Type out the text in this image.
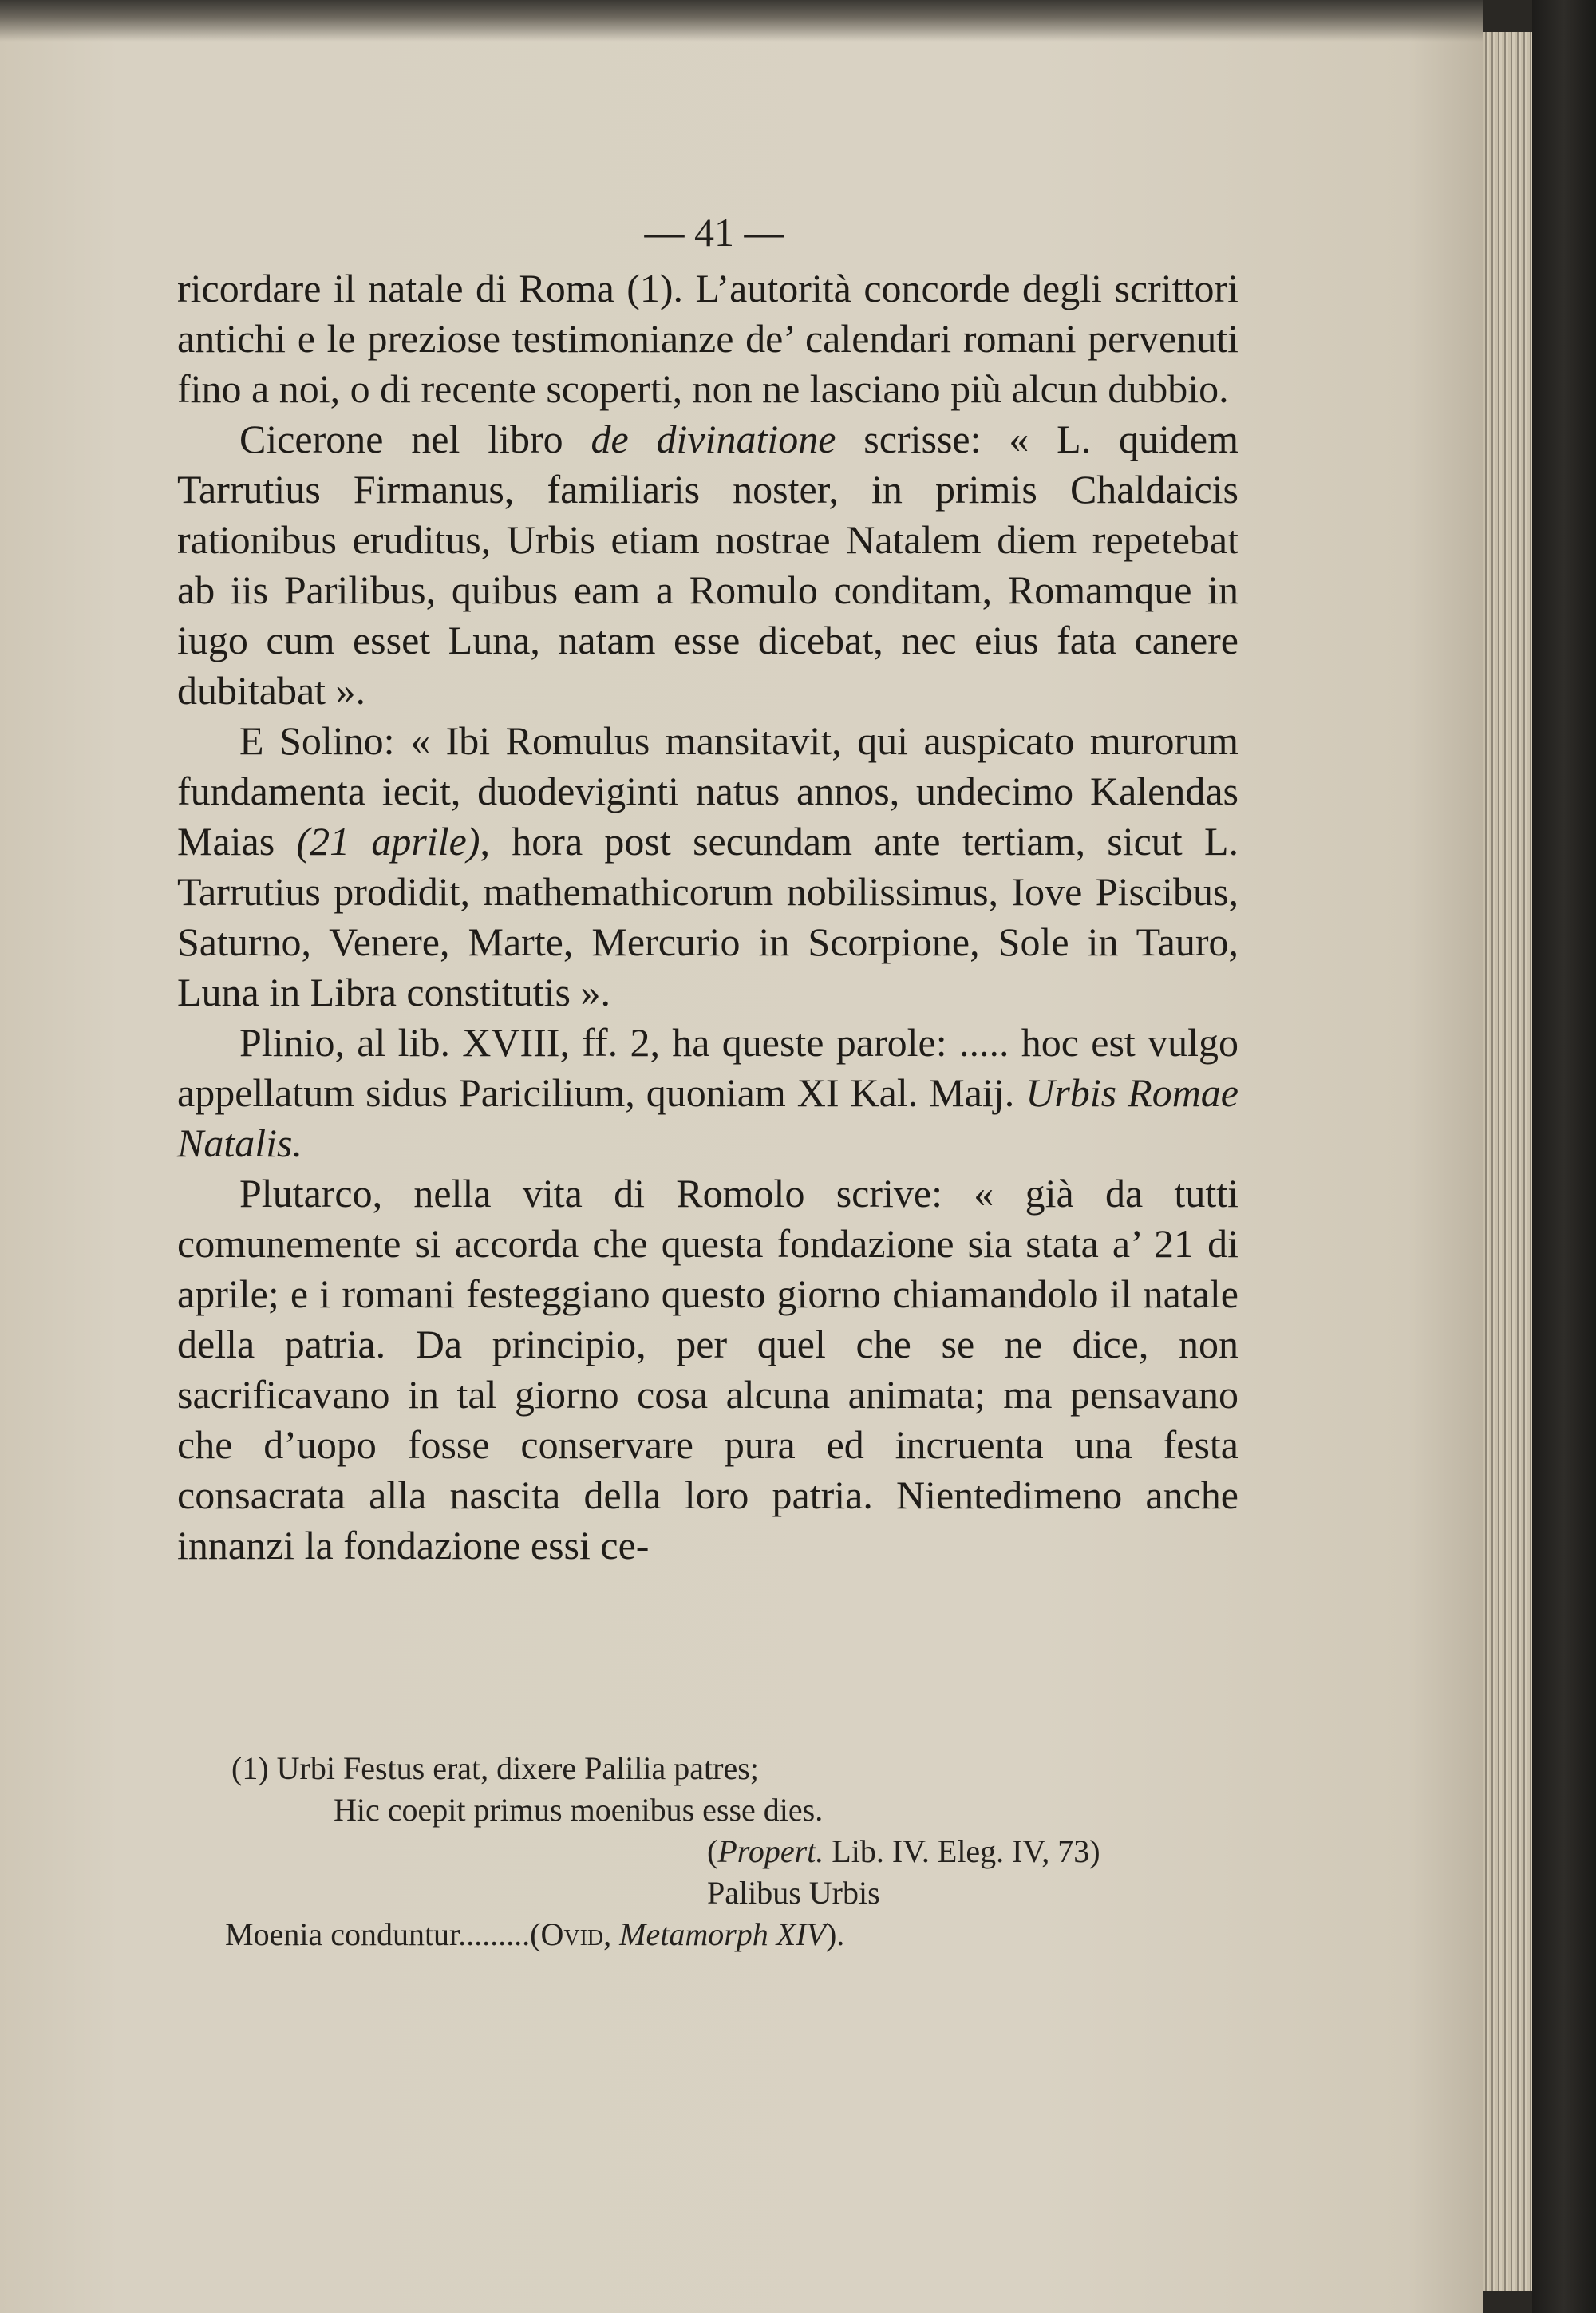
— 41 —

ricordare il natale di Roma (1). L’autorità concorde degli scrittori antichi e le preziose testimonianze de’ calendari romani pervenuti fino a noi, o di recente scoperti, non ne lasciano più alcun dubbio.

Cicerone nel libro de divinatione scrisse: « L. quidem Tarrutius Firmanus, familiaris noster, in primis Chaldaicis rationibus eruditus, Urbis etiam nostrae Natalem diem repetebat ab iis Parilibus, quibus eam a Romulo conditam, Romamque in iugo cum esset Luna, natam esse dicebat, nec eius fata canere dubitabat ».

E Solino: « Ibi Romulus mansitavit, qui auspicato murorum fundamenta iecit, duodeviginti natus annos, undecimo Kalendas Maias (21 aprile), hora post secundam ante tertiam, sicut L. Tarrutius prodidit, mathemathicorum nobilissimus, Iove Piscibus, Saturno, Venere, Marte, Mercurio in Scorpione, Sole in Tauro, Luna in Libra constitutis ».

Plinio, al lib. XVIII, ff. 2, ha queste parole: ..... hoc est vulgo appellatum sidus Paricilium, quoniam XI Kal. Maij. Urbis Romae Natalis.

Plutarco, nella vita di Romolo scrive: « già da tutti comunemente si accorda che questa fondazione sia stata a’ 21 di aprile; e i romani festeggiano questo giorno chiamandolo il natale della patria. Da principio, per quel che se ne dice, non sacrificavano in tal giorno cosa alcuna animata; ma pensavano che d’uopo fosse conservare pura ed incruenta una festa consacrata alla nascita della loro patria. Nientedimeno anche innanzi la fondazione essi ce-

(1) Urbi Festus erat, dixere Palilia patres;
Hic coepit primus moenibus esse dies.
(Propert. Lib. IV. Eleg. IV, 73)
Palibus Urbis
Moenia conduntur.........(Ovid, Metamorph XIV).
